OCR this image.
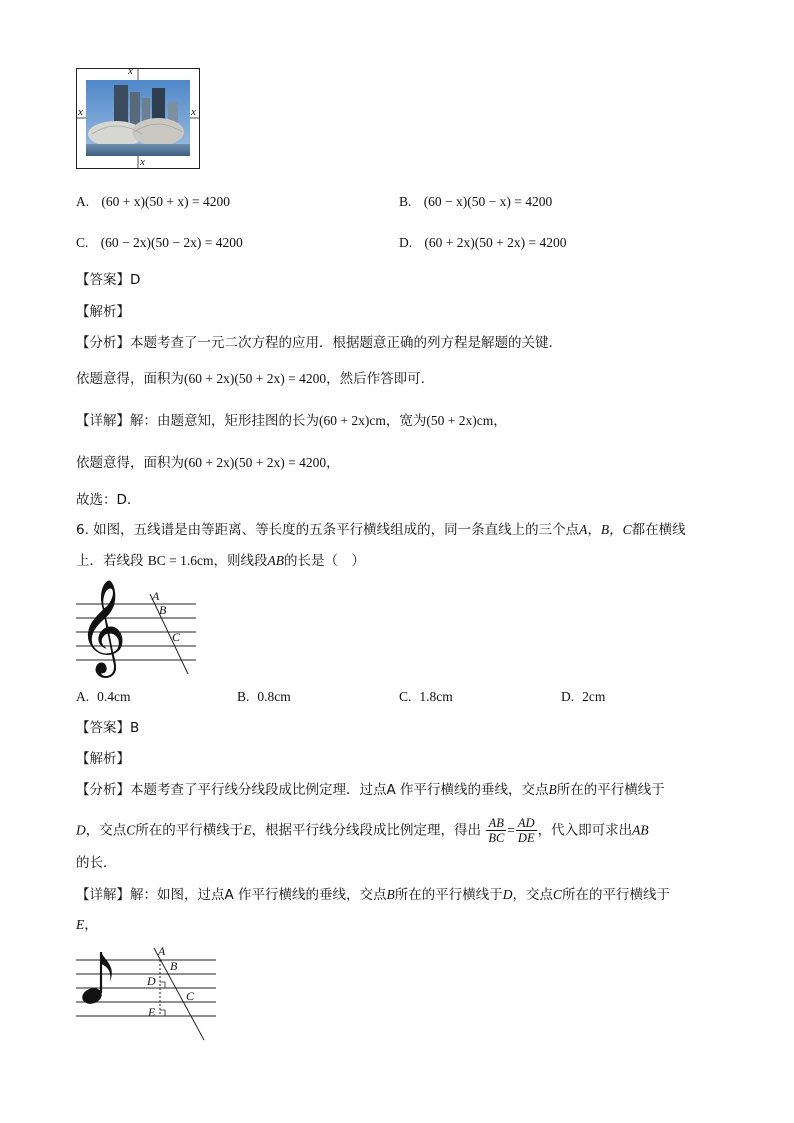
x
x
x	x
A. (60 + x)(50 + x) = 4200	B. (60 − x)(50 − x) = 4200
C. (60 − 2x)(50 − 2x) = 4200	D. (60 + 2x)(50 + 2x) = 4200
【答案】D
【解析】
【分析】本题考查了一元二次方程的应用．根据题意正确的列方程是解题的关键．
依题意得，面积为(60 + 2x)(50 + 2x) = 4200，然后作答即可．
【详解】解：由题意知，矩形挂图的长为(60 + 2x)cm，宽为(50 + 2x)cm，
依题意得，面积为(60 + 2x)(50 + 2x) = 4200，
故选：D．
6. 如图，五线谱是由等距离、等长度的五条平行横线组成的，同一条直线上的三个点A，B，C都在横线
上．若线段 BC = 1.6cm，则线段AB的长是（　）
𝄞 A
B
C
A. 0.4cm	B. 0.8cm	C. 1.8cm	D. 2cm
【答案】B
【解析】
【分析】本题考查了平行线分线段成比例定理．过点A 作平行横线的垂线，交点B所在的平行横线于
D，交点C所在的平行横线于E，根据平行线分线段成比例定理，得出 $\frac{AB}{BC} = \frac{AD}{DE}$ ，代入即可求出AB
的长．
【详解】解：如图，过点A 作平行横线的垂线，交点B所在的平行横线于D，交点C所在的平行横线于
E，
A
B
D
C
E
